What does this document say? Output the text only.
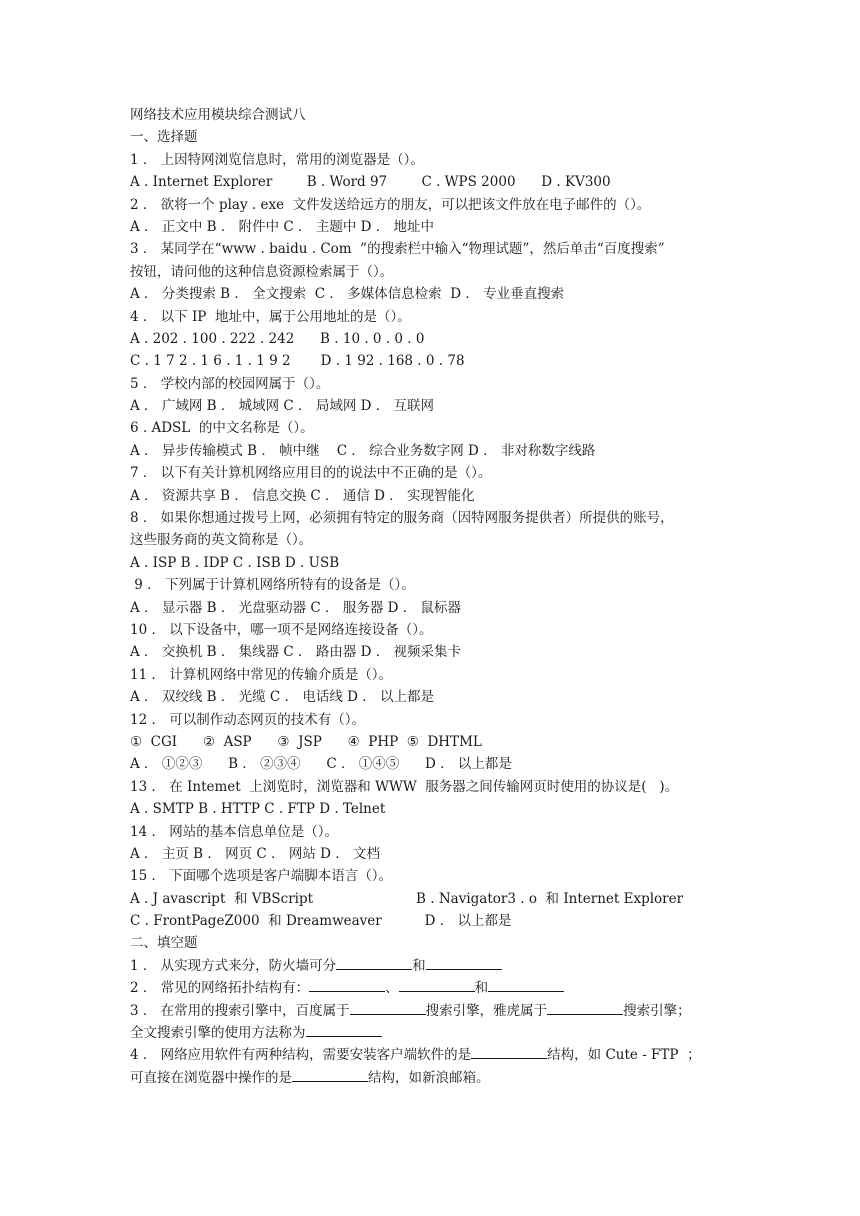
网络技术应用模块综合测试八
一、选择题
1 ． 上因特网浏览信息时，常用的浏览器是（）。
A . Internet Explorer        B . Word 97        C . WPS 2000      D . KV300
2 ． 欲将一个 play . exe  文件发送给远方的朋友，可以把该文件放在电子邮件的（）。
A ． 正文中 B ． 附件中 C ． 主题中 D ． 地址中
3 ． 某同学在“www . baidu . Com  ”的搜索栏中输入“物理试题”，然后单击“百度搜索”
按钮，请问他的这种信息资源检索属于（）。
A ． 分类搜索 B ． 全文搜索  C ． 多媒体信息检索  D ． 专业垂直搜索
4 ． 以下 IP  地址中，属于公用地址的是（）。
A . 202 . 100 . 222 . 242      B . 10 . 0 . 0 . 0
C . 1 7 2 . 1 6 . 1 . 1 9 2       D . 1 92 . 168 . 0 . 78
5 ． 学校内部的校园网属于（）。
A ． 广域网 B ． 城域网 C ． 局域网 D ． 互联网
6 . ADSL  的中文名称是（）。
A ． 异步传输模式 B ． 帧中继    C ． 综合业务数字网 D ． 非对称数字线路
7 ． 以下有关计算机网络应用目的的说法中不正确的是（）。
A ． 资源共享 B ． 信息交换 C ． 通信 D ． 实现智能化
8 ． 如果你想通过拨号上网，必须拥有特定的服务商（因特网服务提供者）所提供的账号，
这些服务商的英文简称是（）。
A . ISP B . IDP C . ISB D . USB
9 ． 下列属于计算机网络所特有的设备是（）。
A ． 显示器 B ． 光盘驱动器 C ． 服务器 D ． 鼠标器
10 ． 以下设备中，哪一项不是网络连接设备（）。
A ． 交换机 B ． 集线器 C ． 路由器 D ． 视频采集卡
11 ． 计算机网络中常见的传输介质是（）。
A ． 双绞线 B ． 光缆 C ． 电话线 D ． 以上都是
12 ． 可以制作动态网页的技术有（）。
①  CGI      ②  ASP      ③  JSP      ④  PHP  ⑤  DHTML
A ． ①②③      B ． ②③④      C ． ①④⑤      D ． 以上都是
13 ． 在 Intemet  上浏览时，浏览器和 WWW  服务器之间传输网页时使用的协议是(   )。
A . SMTP B . HTTP C . FTP D . Telnet
14 ． 网站的基本信息单位是（）。
A ． 主页 B ． 网页 C ． 网站 D ． 文档
15 ． 下面哪个选项是客户端脚本语言（）。
A . J avascript  和 VBScript                        B . Navigator3 . o  和 Internet Explorer
C . FrontPageZ000  和 Dreamweaver          D ． 以上都是
二、填空题
1 ． 从实现方式来分，防火墙可分	和
2 ． 常见的网络拓扑结构有：	、	和
3 ． 在常用的搜索引擎中，百度属于	搜索引擎，雅虎属于	搜索引擎；
全文搜索引擎的使用方法称为
4 ． 网络应用软件有两种结构，需要安装客户端软件的是	结构，如 Cute - FTP  ；
可直接在浏览器中操作的是	结构，如新浪邮箱。
